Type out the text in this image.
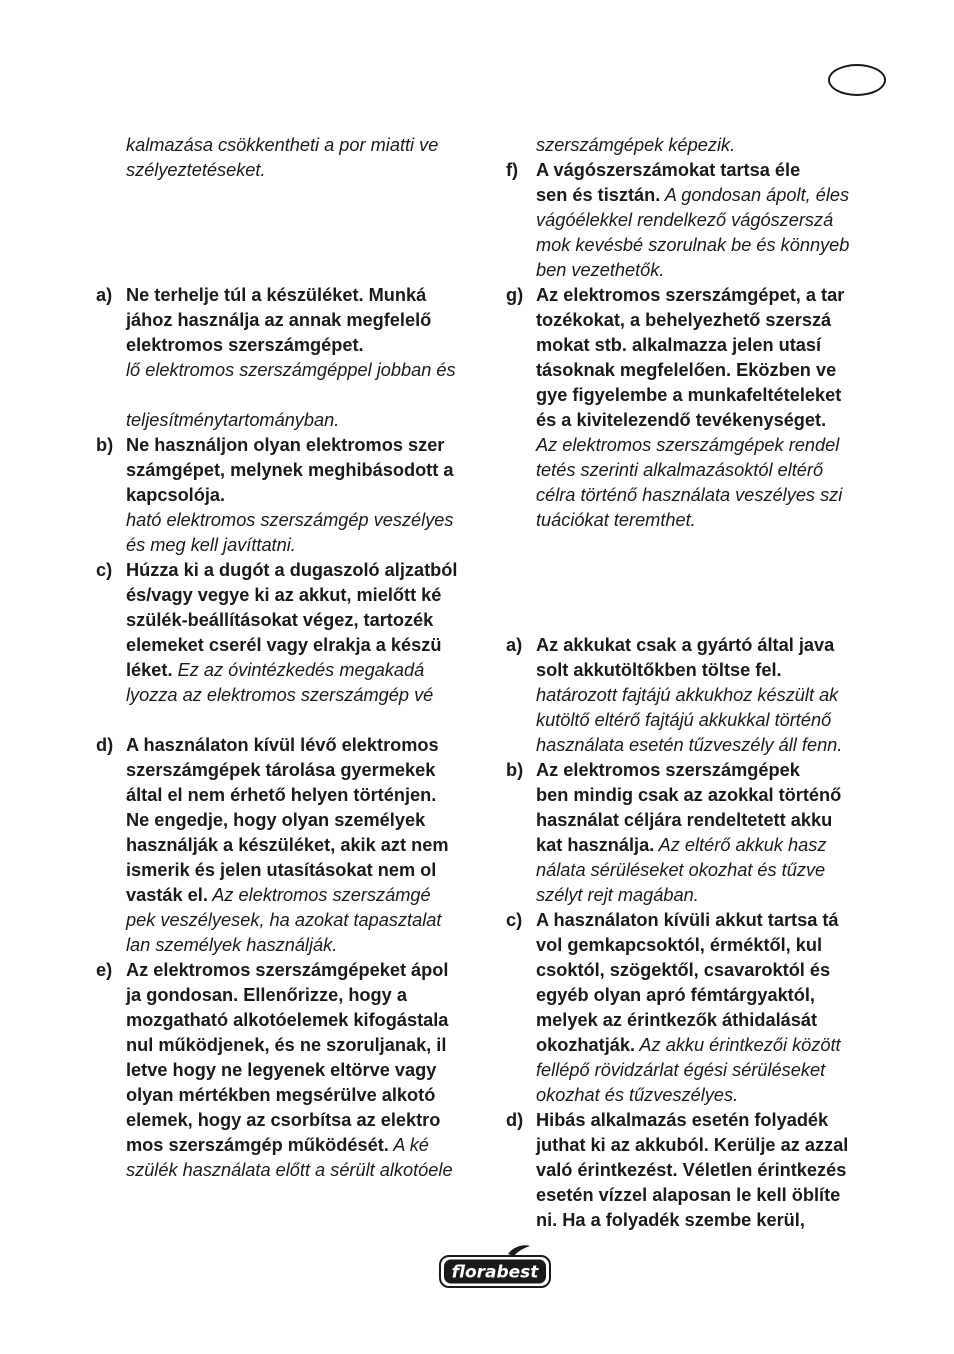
kalmazása csökkentheti a por miatti ve
szélyeztetéseket.
a) Ne terhelje túl a készüléket. Munká
jához használja az annak megfelelő
elektromos szerszámgépet.
lő elektromos szerszámgéppel jobban és
teljesítménytartományban.
b) Ne használjon olyan elektromos szer
számgépet, melynek meghibásodott a
kapcsolója.
ható elektromos szerszámgép veszélyes
és meg kell javíttatni.
c) Húzza ki a dugót a dugaszoló aljzatból
és/vagy vegye ki az akkut, mielőtt ké
szülék-beállításokat végez, tartozék
elemeket cserél vagy elrakja a készü
léket. Ez az óvintézkedés megakadá
lyozza az elektromos szerszámgép vé
d) A használaton kívül lévő elektromos
szerszámgépek tárolása gyermekek
által el nem érhető helyen történjen.
Ne engedje, hogy olyan személyek
használják a készüléket, akik azt nem
ismerik és jelen utasításokat nem ol
vasták el. Az elektromos szerszámgé
pek veszélyesek, ha azokat tapasztalat
lan személyek használják.
e) Az elektromos szerszámgépeket ápol
ja gondosan. Ellenőrizze, hogy a
mozgatható alkotóelemek kifogástala
nul működjenek, és ne szoruljanak, il
letve hogy ne legyenek eltörve vagy
olyan mértékben megsérülve alkotó
elemek, hogy az csorbítsa az elektro
mos szerszámgép működését. A ké
szülék használata előtt a sérült alkotóele
szerszámgépek képezik.
f) A vágószerszámokat tartsa éle
sen és tisztán. A gondosan ápolt, éles
vágóélekkel rendelkező vágószerszá
mok kevésbé szorulnak be és könnyeb
ben vezethetők.
g) Az elektromos szerszámgépet, a tar
tozékokat, a behelyezhető szerszá
mokat stb. alkalmazza jelen utasí
tásoknak megfelelően. Eközben ve
gye figyelembe a munkafeltételeket
és a kivitelezendő tevékenységet.
Az elektromos szerszámgépek rendel
tetés szerinti alkalmazásoktól eltérő
célra történő használata veszélyes szi
tuációkat teremthet.
a) Az akkukat csak a gyártó által java
solt akkutöltőkben töltse fel.
határozott fajtájú akkukhoz készült ak
kutöltő eltérő fajtájú akkukkal történő
használata esetén tűzveszély áll fenn.
b) Az elektromos szerszámgépek
ben mindig csak az azokkal történő
használat céljára rendeltetett akku
kat használja. Az eltérő akkuk hasz
nálata sérüléseket okozhat és tűzve
szélyt rejt magában.
c) A használaton kívüli akkut tartsa tá
vol gemkapcsoktól, érméktől, kul
csoktól, szögektől, csavaroktól és
egyéb olyan apró fémtárgyaktól,
melyek az érintkezők áthidalását
okozhatják. Az akku érintkezői között
fellépő rövidzárlat égési sérüléseket
okozhat és tűzveszélyes.
d) Hibás alkalmazás esetén folyadék
juthat ki az akkuból. Kerülje az azzal
való érintkezést. Véletlen érintkezés
esetén vízzel alaposan le kell öblíte
ni. Ha a folyadék szembe kerül,
florabest
